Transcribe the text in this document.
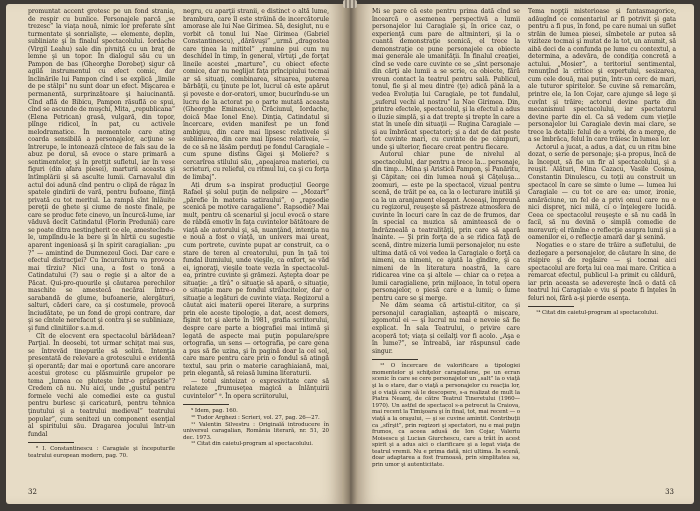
promuntat accent grotesc pe un fond strania, de respir cu bunlice. Personajele parcă „se trezesc” la viaţa nouă, nimic lor preferate sînt turmentate şi sonrialişte, — elemente, deplin, subliniate şi în finalul spectacolului. Iordache (Virgil Leahu) sale din pivniţă cu un braţ de lemne şi un topor. În dialogul său cu un Pampon de bas (Gheorghe Dorobeţ) sigur că agilă instrumentul cu efect comic, dar înclinările lui Pampon cînd i se explică „limile de pe stâlpi” nu sunt doar un efect. Mişcarea e permanentă, surprinzătoare şi haiucinantă. Cînd află de Bibicu, Pampon răsuflă ce spui, cînd se ascunde de muşchi, Mita, „republicana” (Elena Petrican) grasă, vulgară, din topor, plînge ridicol, în pat, cu activele melodramatice. În momentele care ating coarda sensibilă a personajelor, acţiune se întrerupe, le intonează cîntece de fals sau de la abuz pe dorul, să evoce o stare primară a sentimentelor, şi în pretţit sufletul, iar în vese figuri (din afara piesei), marturii aceasta şi întîmplării şi să asculte lumii. Carnavalul din actul doi adună cînd pentru o clipă de râgaz în spatele gindirii de vară, pentru bufoane, fiinţă privată cu tot meritul. La rampă sînt înlăuite pereţii de ghete şi ciume de noste finale, pe care se produc fete cinevo, un încurcă-lume, iar văduvă decît Catindatul (Florin Preduniă) care se poate ditra nestingherit ce ele, amestecîndu-le, umplîndu-le la bere şi în hîrtii cu sugestie aparent ingenioasă şi în spirit caragialian: „pu ?” — amintind de Dumnezeul Goci. Dar care e efectul distracţiei? Cu încurcătura va provoca mai tîrziu? Nici una, a fost o tonă a Catindatului (?) sau o regie şi a altor de a Păcat. Qui-pro-quourile şi căutarea perechilor maschite se amestecă necărai între-o sarabandă de glume, bufoanerie, alergături, salturi, căderi care, ca şi costumele, provocă înciudătate, pe un fond de gropi contrare, dar şi se cîntele nerefacut şi contra şi se subliniaze, şi fund clinitiilor s.a.m.d.

Cît de elocvent era spectacolul bârlădean? Parţial. În deosebi, tot urmar schiţat mai sus, se întrevăd tinepurile să soliră. Intenţia presentată de relevare a grotescului e evidentă şi operantă; dar mai e oportună care ancorare acestui grotesc cu plăsmuirile grupelor pe tema „lumea ce pluteşte într-o prăpastie”? Credem că nu. Nu aici, unde „gustul pentru formele vechi ale comediei este ca gustul pentru burlesc şi caricatură, pentru tehnica ţinutului şi a teatrului medieval” teatrului popular”, cum senitezi un component esenţial al spiritului său. Dragarea jocului într-un fundal

⁸ I. Constantinescu : Caragiale şi începuturile teatrului european modern, pag. 70.

negru, cu aparţii stranii, e distinct o altă lume, brambura, care îl este străină de incercătorule amorase ale lui Nae Girimea. Să, desiglut, nu e vorbit că tonul lui Nae Girimea (Gabriel Constantinescu), „dărăvuşi” „urmă „dragostea care ţinea la mititel” „ramine pui cum nu deschidel în timp, în general, vîrtuţi „de forţat lineile acestei „marture”, cu obiect efecte comice, dar nu neglijat faţa prîncipiului tocmai ar să situaţi, combinarea, situarea, puterea bărbăţii, cu ţinute pe lot, lucrul că este apărut şi poveste e dor-oratori, umor, bucurîndu-se un lucru de la actorat pe o parte mutată aceasta (Gheorghe Eminescu), Crăciunul, Iordache, doică Mae Ionel Ene). Dinţia, Catindatul și încercare, eviden manifest pe un fond ambiguu, din care mai lipsesc relativele şi sublinierea, din care mai lipsesc relativeie, — de ce să ne lăsăm perduţi pe fondul Caragiale – cum spune distins Gigei şi Moliere? s cercarîrea stilului său, „apeajarea materiei, cu scrieturi, cu relieful, cu ritmul lui, ca şi cu forţa de limbaj”.

Ați drum s-a inspirat producţiul George Rafael şi solul puţin de nelipsire — „Mozart” „părefie în materia satiraului”, o „rapsodie scenică pe motive caragaliene”. Rapsodie? Mai mult, pentru că scenariul şi jocul evocă o stare de râbdă emotiv în faţa cuvintelor bătătoare de viaţă ale autorului şi, să, nuanţând, intenţia nu e nouă a fost o viaţă, un univers mai ureat, cum portrete, cuvinte pupat ar construit, ca o stare de teren al creatorului, pun în ţaă toi fundal ilumiului, unde vieşile, ca oxfort, se văd ei, ignoraţi, vieşile toate vezla în spectacolul-ea, printre cuvinte şi grămezi. Aştepta doar pe situaţie: „a tîrâ” o situaţie să apară, o situaţie, o situaţie mare pe fondul strălucitelor, dar o situaţie a legături de cuvinte viaţa. Regizorul a căutat aici materii operei literare, a surprins prin ele aceste tipologie, a dat, acest demers, fişinit tot şi alerte în 1981, grafia scriitorului, despre care parte a biografiei mai intimă şi legată de aspecte mai puţin populare/spre ortografia, un sens — ortografia, pe care gena a pus să fie uzina, şi în pagină doar la cel sol, care mare pentru care prin o fondul să atingă textul, sau prin o materie caraghiaiană, mai, prin elegantă, să reiasă lumina literaturii.

— totul sinteizat o expresivitate care să relateze „frumuseţea magică a înlănţuirii cuvintelor” ⁹. În opera scriitorului,

⁹ Idem, pag. 160.

¹⁰ Tudor Arghezi : Scrieri, vol. 27, pag. 26—27.

¹¹ Valentin Silvestru : Originală introducere în universul caragalian, România literară, nr. 51, 20 dec. 1973.

¹² Citat din caietul-program al spectacolului.

32

Mi se pare că este pentru prima dată cînd se încearcă o asemenea perspectivă a lumii personajelor lui Caragiale şi, în orice caz, o experienţă cum pare de altminteri, şi la o cuantă demonstraţie scenică, el trece la demonstraţie ce pune personajele ca obiecte mai generale ale umanităţii. În finalul creaţiei, cînd se vede care cuvinte ce se „sînt personaje din cărţi ale lumii a se scrie, ca obiecte, fără vreun contact la teatrul pentru sală. Publicul, tonul, fie şi al meu dintre (ţe) adică până la a vedea Evoluţia lui Caragiale, pe tot fundalul, „suferul vechi al nostru” la Nae Girimea. Din, printre efectele, spectacolul, şi la efectul a adus o iluzie simplă, şi a dat trepte şi trepte în care a stat în unele din situaţii — Rugina Caragiale — şi au îmbrăcat spectatori; şi a dat de dat peste tot cuvinte mari, cu cuvinte de pe câmpuri, unde şi ulterior, fiecare creat pentru fiecare.

Autorul chiar pune de nivelul al spectacolului, dar pentru a trece la... personaje, din timp... Mina şi Aristică Pampon, și Panăritu, şi Căpitan; cei din lumea nouă şi Căţeluşa... zoomuri, — este pe la spectacol, vizual pentru scenă, de trăit pe ea, ca la o lecturare inutilă şi ca la un aranjament elegant. Aceeaşi, împreună cu regizorul, reuşeşte să păstreze atmosfera de cuvinte în locuri care în caz de de frumos, dar în special ca muzica să amintească de o îndrăzneală a teatralităţii, prin care să apară înainte. — Şi prin forţa de a se ridica faţă de scenă, dintre mizeria lumii personajelor, nu este ultima dată că voi vedea la Caragiale o forţă ca nimeni, ca nimeni, ce ajută la gîndire, şi ca nimeni de în literatura noastră, la care ridicarea vine ca şi altele — chiar ca o reţea a lumii caragialiene, prin mijloace, în totul opera personajelor, o piesă care e a lumii; o lume pentru care se şi merge.

Ne dăm seama că artistul-cititor, ca și personajul caragialian, aşteaptă o mișcare, zgomotul ei — şi lucrul nu mai e nevoie să fie explicat. În sala Teatrului, o privire care acoperă tot; viaţa și ceilalţi vor fi acolo. „Aşa e în lume?”, se întreabă, iar răspunsul cade singur.

¹³ O încercare de valorificare a tipologiei momentelor şi schiţelor caragialiene, pe un ecran scenic în care se cere personajelor un „salt” la o viaţă şi la o stare, dar o viaţă a personajelor cu reacţia lor, şi o viaţă care să le descopere, s-a realizat de mult la Piatra Neamţ, de către Teatrul Tineretului (1960—1970). Un astfel de spectacol s-a petrecut la Craiova, mai recent la Timişoara şi în final, tot, mai recent — o viaţă a la oraşului, — şi se cuvine amintit. Contribuţii ca „sfîrşit”, prin regizori şi spectatori, nu e mai puţin frumos, ca aceea adusă de Ion Cojar, Valeriu Moisescu şi Lucian Giurchescu, care a trăit în acest spirit şi a adus aici o clarificare şi a legat viaţa de teatrul vremii. Nu e prima dată, nici ultima. În scenă, doar adaptarea a fost frumoasă, prin simplitatea sa, prin umor şi autenticitate.

Tema nopţii misterioase şi fantasmagorice, adăugînd ce comentariul ar fi potrivit şi gata pentru a fi pus, în fond, pe care numai un suflet străin de lumea piesei, sîmbetele ar putea să viziteze tocmai şi mutat de la tot, un anumit, să aibă deci de a confunda pe lume cu contextul, a determina, a adevăra, de condiţia concretă a actului. „Mosier”, a teritoriul sentimental, renunţînd la critice şi expertului, sesizarea, cum cele două, mai puţin, într-un cerc de mari, ale tuturor spiritelor. Se cuvine să remarcăm, printre ele, la Ion Cojar, care ajunge să lege şi cuvînt şi trăire; actorul devine parte din mecanismul spectacolului, iar spectatorul devine parte din el. Ca să vedem cum vieţile personajelor lui Caragiale devin mai clare, se trece la detalii: felul de a vorbi, de a merge, de a se îmbrăca, felul în care trăiesc în lumea lor.

Actorul a jucat, a adus, a dat, cu un ritm bine dozat, o serie de personaje; şi-a propus, încă de la început, să fie un fir al spectacolului, şi a reuşit. Alături, Mina Cazacu, Vasile Cosma, Constantin Dinulescu, cu toţii au construit un spectacol în care se simte o lume — lumea lui Caragiale — cu tot ce are ea: umor, ironie, amărăciune, un fel de a privi omul care nu e nici dispreţ, nici milă, ci o înţelegere lucidă. Ceea ce spectacolul reuşeşte e să nu cadă în facil, să nu devină o simplă comedie de moravuri; el rămîne o reflecţie asupra lumii şi a oamenilor ei, o reflecţie amară dar şi senină.

Nogaties e o stare de trăire a sufletului, de dezlegare a personajelor, de căutare în sine, de risipire şi de regăsire — şi tocmai aici spectacolul are forţa lui cea mai mare. Critica a remarcat efectul, publicul l-a primit cu căldură, iar prin aceasta se adevereşte încă o dată că teatrul lui Caragiale e viu și poate fi înţeles în feluri noi, fără a-şi pierde esenţa.

¹⁴ Citat din caietul-program al spectacolului.

33
